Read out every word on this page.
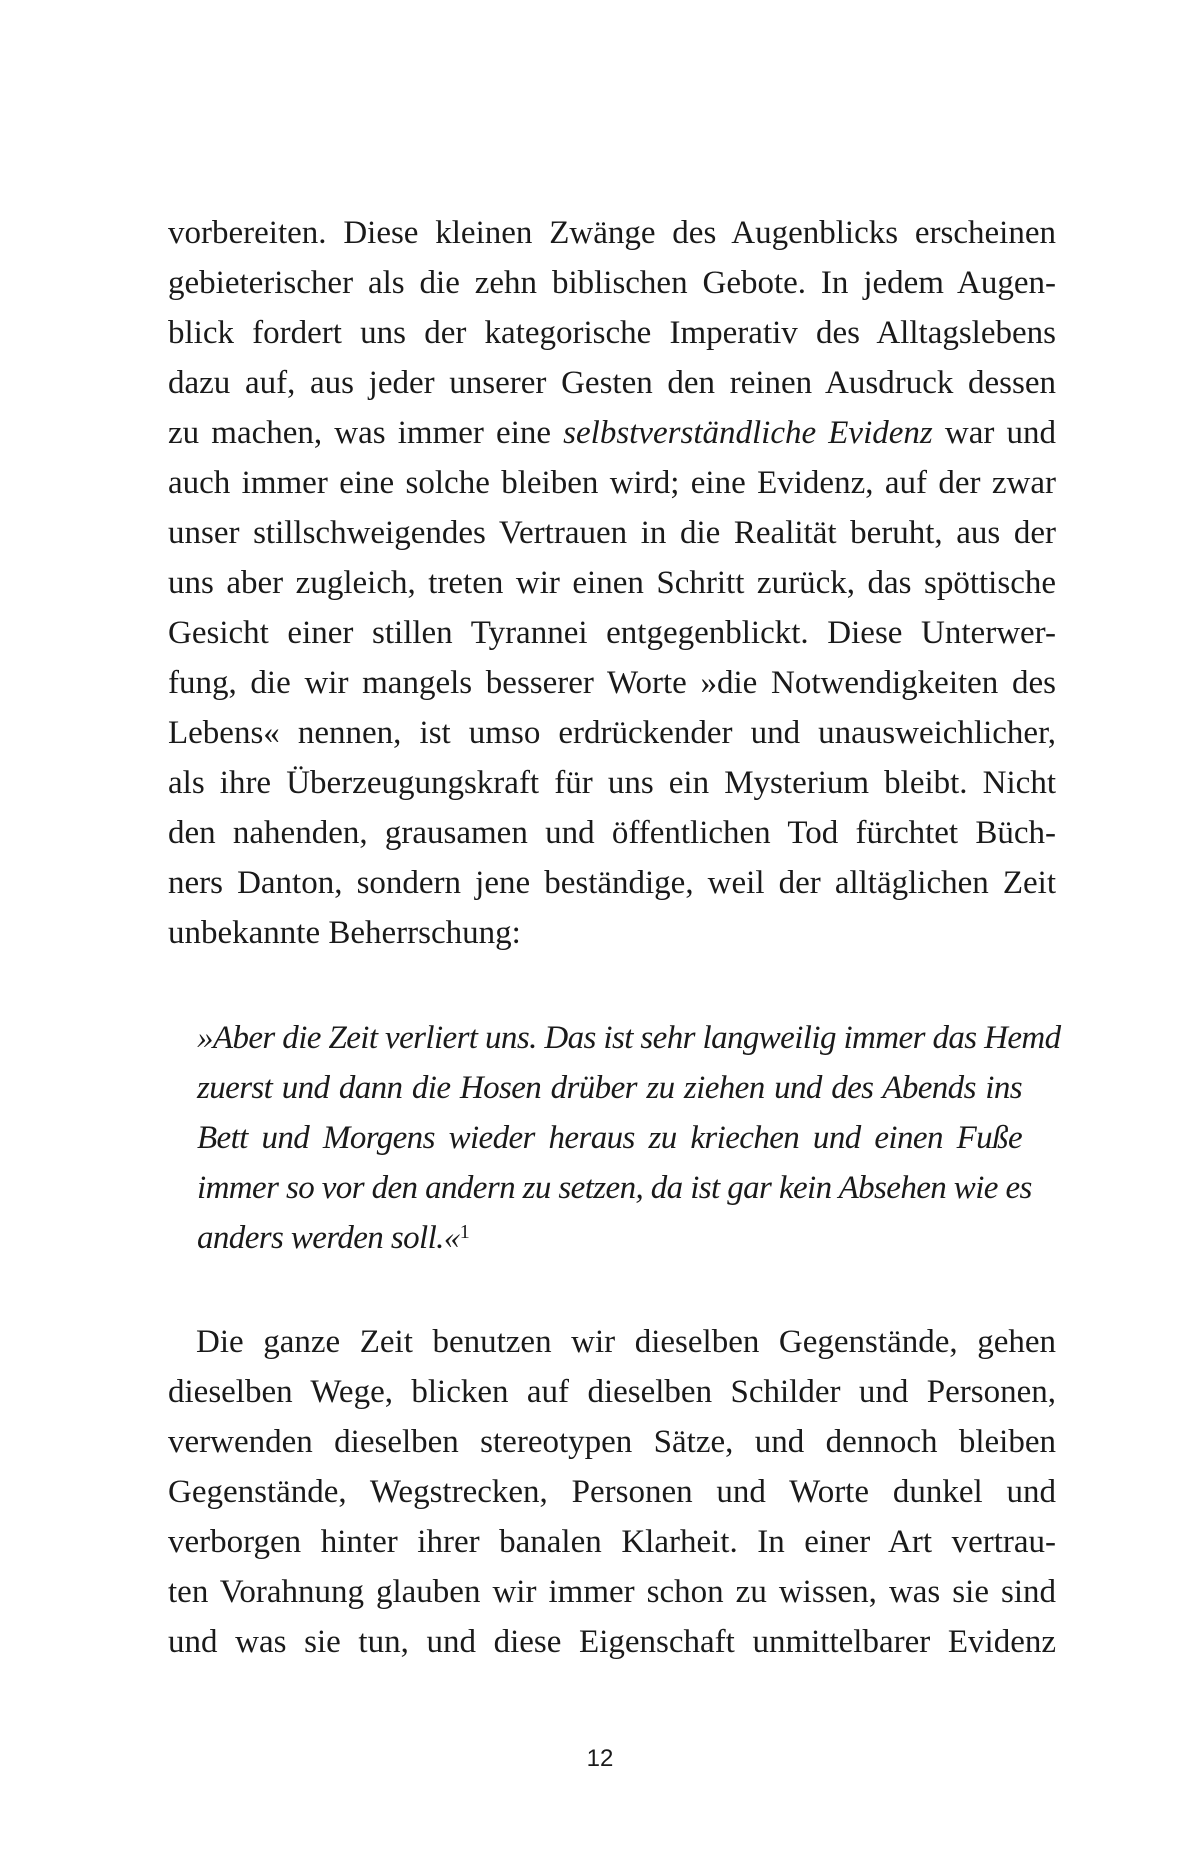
vorbereiten. Diese kleinen Zwänge des Augenblicks erscheinen
gebieterischer als die zehn biblischen Gebote. In jedem Augen-
blick fordert uns der kategorische Imperativ des Alltagslebens
dazu auf, aus jeder unserer Gesten den reinen Ausdruck dessen
zu machen, was immer eine selbstverständliche Evidenz war und
auch immer eine solche bleiben wird; eine Evidenz, auf der zwar
unser stillschweigendes Vertrauen in die Realität beruht, aus der
uns aber zugleich, treten wir einen Schritt zurück, das spöttische
Gesicht einer stillen Tyrannei entgegenblickt. Diese Unterwer-
fung, die wir mangels besserer Worte »die Notwendigkeiten des
Lebens« nennen, ist umso erdrückender und unausweichlicher,
als ihre Überzeugungskraft für uns ein Mysterium bleibt. Nicht
den nahenden, grausamen und öffentlichen Tod fürchtet Büch-
ners Danton, sondern jene beständige, weil der alltäglichen Zeit
unbekannte Beherrschung:
»Aber die Zeit verliert uns. Das ist sehr langweilig immer das Hemd
zuerst und dann die Hosen drüber zu ziehen und des Abends ins
Bett und Morgens wieder heraus zu kriechen und einen Fuße
immer so vor den andern zu setzen, da ist gar kein Absehen wie es
anders werden soll.«$^1$
Die ganze Zeit benutzen wir dieselben Gegenstände, gehen
dieselben Wege, blicken auf dieselben Schilder und Personen,
verwenden dieselben stereotypen Sätze, und dennoch bleiben
Gegenstände, Wegstrecken, Personen und Worte dunkel und
verborgen hinter ihrer banalen Klarheit. In einer Art vertrau-
ten Vorahnung glauben wir immer schon zu wissen, was sie sind
und was sie tun, und diese Eigenschaft unmittelbarer Evidenz
12
